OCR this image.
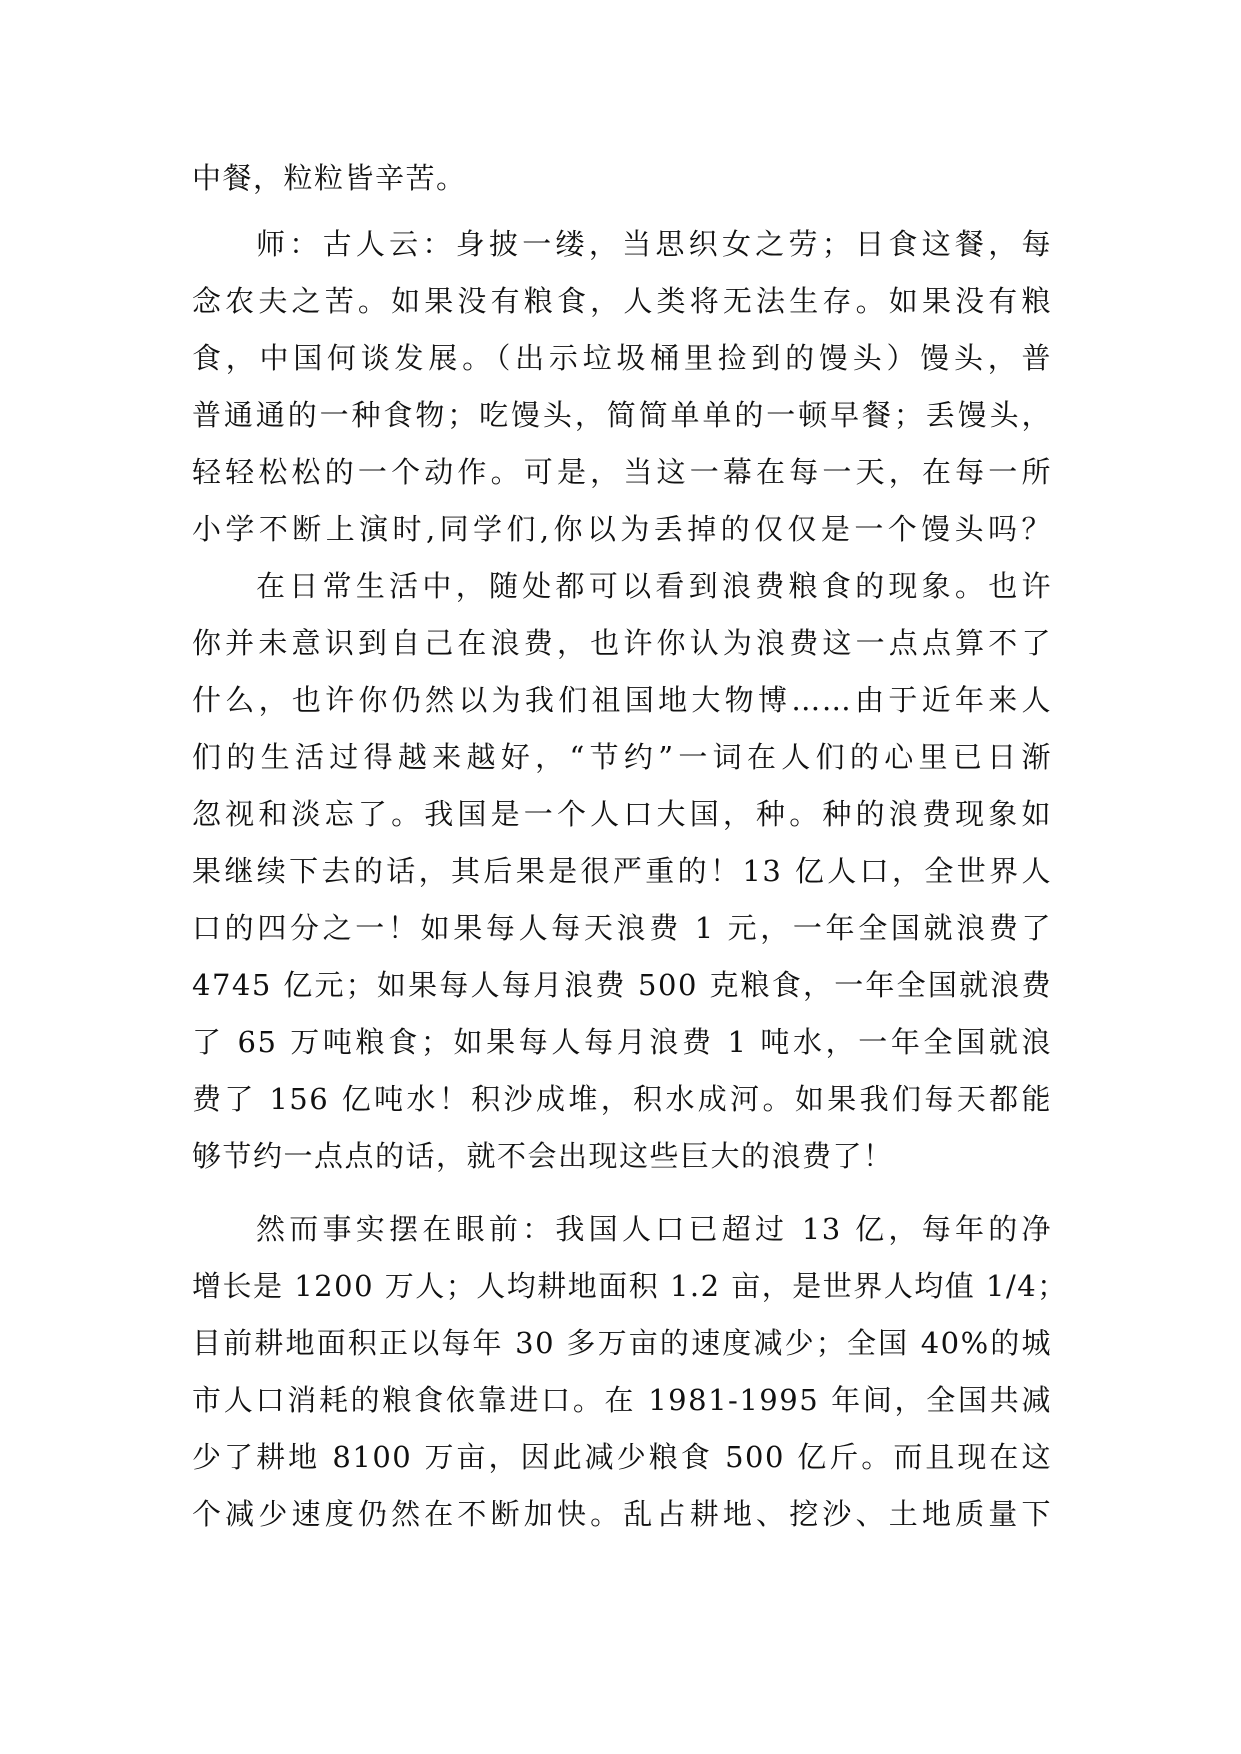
中餐，粒粒皆辛苦。

师：古人云：身披一缕，当思织女之劳；日食这餐，每

念农夫之苦。如果没有粮食，人类将无法生存。如果没有粮

食，中国何谈发展。（出示垃圾桶里捡到的馒头）馒头，普

普通通的一种食物；吃馒头，简简单单的一顿早餐；丢馒头，

轻轻松松的一个动作。可是，当这一幕在每一天，在每一所

小学不断上演时,同学们,你以为丢掉的仅仅是一个馒头吗？

在日常生活中，随处都可以看到浪费粮食的现象。也许

你并未意识到自己在浪费，也许你认为浪费这一点点算不了

什么，也许你仍然以为我们祖国地大物博……由于近年来人

们的生活过得越来越好，“节约”一词在人们的心里已日渐

忽视和淡忘了。我国是一个人口大国，种。种的浪费现象如

果继续下去的话，其后果是很严重的！13 亿人口，全世界人

口的四分之一！如果每人每天浪费 1 元，一年全国就浪费了

4745 亿元；如果每人每月浪费 500 克粮食，一年全国就浪费

了 65 万吨粮食；如果每人每月浪费 1 吨水，一年全国就浪

费了 156 亿吨水！积沙成堆，积水成河。如果我们每天都能

够节约一点点的话，就不会出现这些巨大的浪费了！

然而事实摆在眼前：我国人口已超过 13 亿，每年的净

增长是 1200 万人；人均耕地面积 1.2 亩，是世界人均值 1/4；

目前耕地面积正以每年 30 多万亩的速度减少；全国 40%的城

市人口消耗的粮食依靠进口。在 1981-1995 年间，全国共减

少了耕地 8100 万亩，因此减少粮食 500 亿斤。而且现在这

个减少速度仍然在不断加快。乱占耕地、挖沙、土地质量下
